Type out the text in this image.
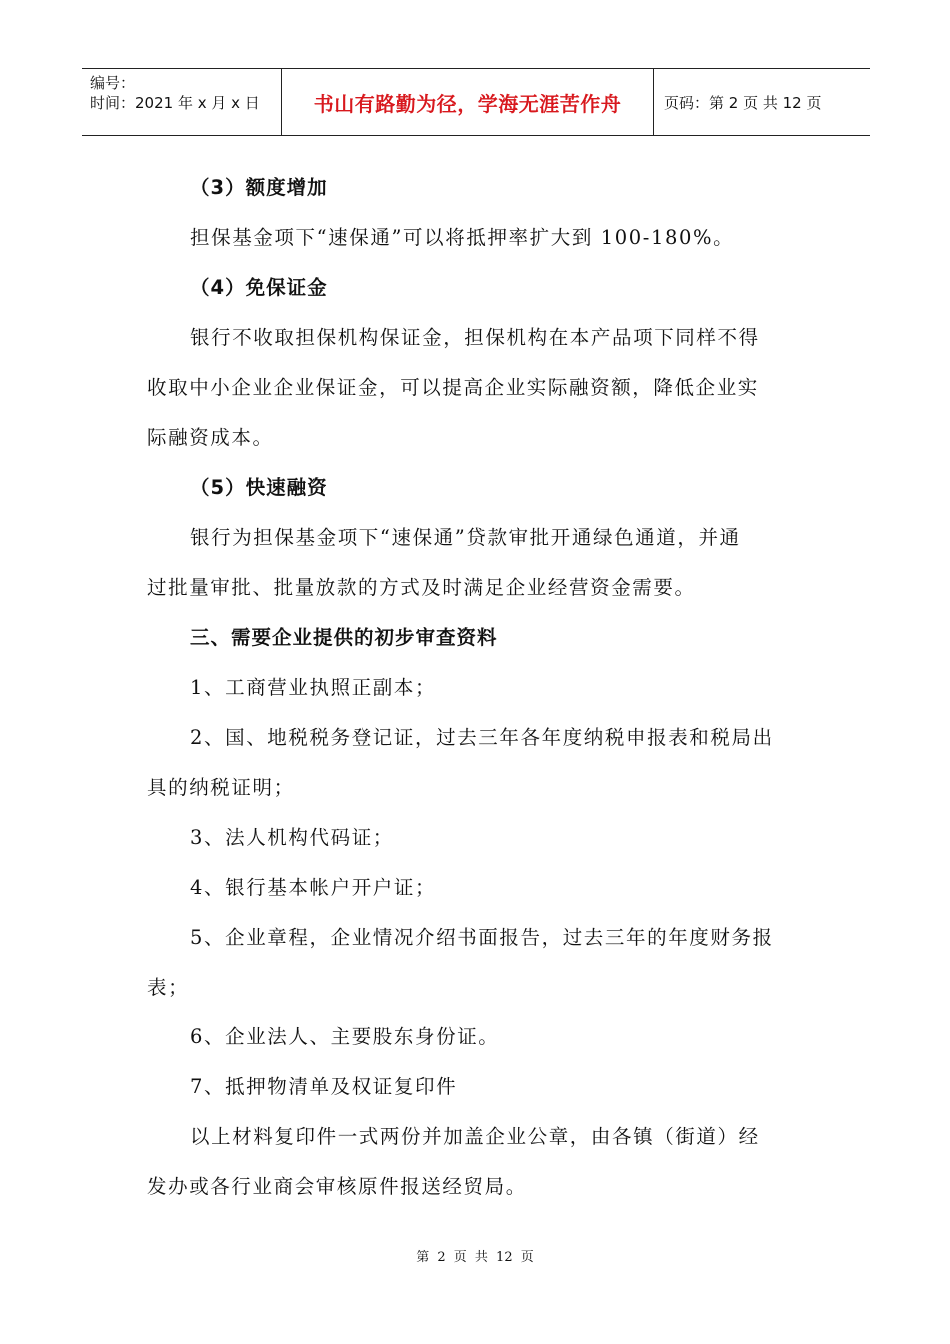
编号：
时间：2021 年 x 月 x 日	书山有路勤为径，学海无涯苦作舟	页码：第 2 页 共 12 页
（3）额度增加
担保基金项下“速保通”可以将抵押率扩大到 100-180%。
（4）免保证金
银行不收取担保机构保证金，担保机构在本产品项下同样不得
收取中小企业企业保证金，可以提高企业实际融资额，降低企业实
际融资成本。
（5）快速融资
银行为担保基金项下“速保通”贷款审批开通绿色通道，并通
过批量审批、批量放款的方式及时满足企业经营资金需要。
三、需要企业提供的初步审查资料
1、工商营业执照正副本；
2、国、地税税务登记证，过去三年各年度纳税申报表和税局出
具的纳税证明；
3、法人机构代码证；
4、银行基本帐户开户证；
5、企业章程，企业情况介绍书面报告，过去三年的年度财务报
表；
6、企业法人、主要股东身份证。
7、抵押物清单及权证复印件
以上材料复印件一式两份并加盖企业公章，由各镇（街道）经
发办或各行业商会审核原件报送经贸局。
第 2 页 共 12 页
